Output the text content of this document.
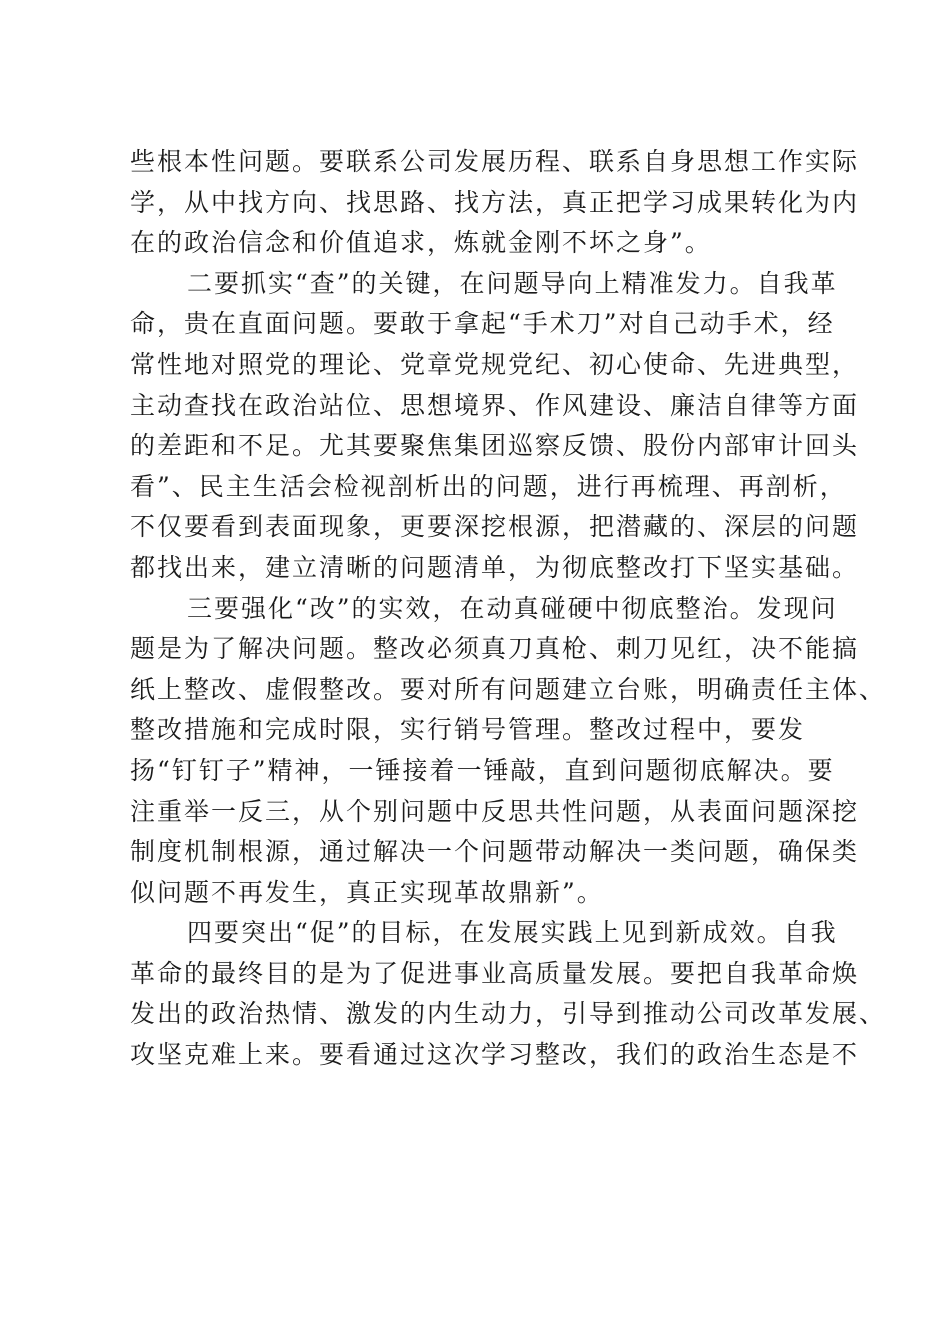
些根本性问题。要联系公司发展历程、联系自身思想工作实际
学，从中找方向、找思路、找方法，真正把学习成果转化为内
在的政治信念和价值追求，炼就金刚不坏之身”。
二要抓实“查”的关键，在问题导向上精准发力。自我革
命，贵在直面问题。要敢于拿起“手术刀”对自己动手术，经
常性地对照党的理论、党章党规党纪、初心使命、先进典型，
主动查找在政治站位、思想境界、作风建设、廉洁自律等方面
的差距和不足。尤其要聚焦集团巡察反馈、股份内部审计回头
看”、民主生活会检视剖析出的问题，进行再梳理、再剖析，
不仅要看到表面现象，更要深挖根源，把潜藏的、深层的问题
都找出来，建立清晰的问题清单，为彻底整改打下坚实基础。
三要强化“改”的实效，在动真碰硬中彻底整治。发现问
题是为了解决问题。整改必须真刀真枪、刺刀见红，决不能搞
纸上整改、虚假整改。要对所有问题建立台账，明确责任主体、
整改措施和完成时限，实行销号管理。整改过程中，要发
扬“钉钉子”精神，一锤接着一锤敲，直到问题彻底解决。要
注重举一反三，从个别问题中反思共性问题，从表面问题深挖
制度机制根源，通过解决一个问题带动解决一类问题，确保类
似问题不再发生，真正实现革故鼎新”。
四要突出“促”的目标，在发展实践上见到新成效。自我
革命的最终目的是为了促进事业高质量发展。要把自我革命焕
发出的政治热情、激发的内生动力，引导到推动公司改革发展、
攻坚克难上来。要看通过这次学习整改，我们的政治生态是不
